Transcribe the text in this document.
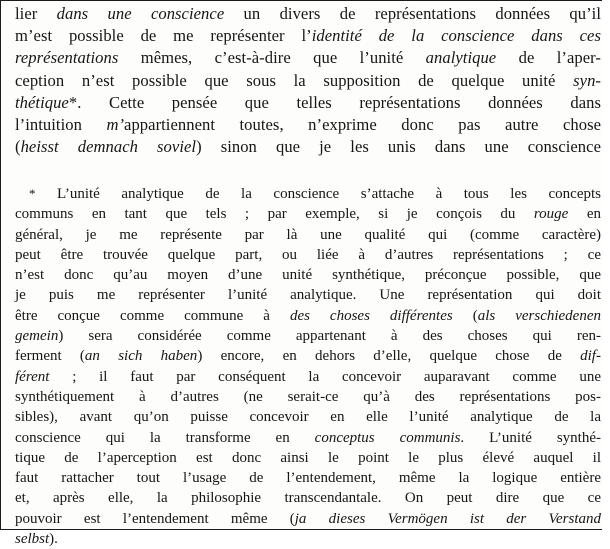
lier dans une conscience un divers de représentations données qu’il
m’est possible de me représenter l’identité de la conscience dans ces
représentations mêmes, c’est-à-dire que l’unité analytique de l’aper-
ception n’est possible que sous la supposition de quelque unité syn-
thétique*. Cette pensée que telles représentations données dans
l’intuition m’appartiennent toutes, n’exprime donc pas autre chose
(heisst demnach soviel) sinon que je les unis dans une conscience
* L’unité analytique de la conscience s’attache à tous les concepts
communs en tant que tels ; par exemple, si je conçois du rouge en
général, je me représente par là une qualité qui (comme caractère)
peut être trouvée quelque part, ou liée à d’autres représentations ; ce
n’est donc qu’au moyen d’une unité synthétique, préconçue possible, que
je puis me représenter l’unité analytique. Une représentation qui doit
être conçue comme commune à des choses différentes (als verschiedenen
gemein) sera considérée comme appartenant à des choses qui ren-
ferment (an sich haben) encore, en dehors d’elle, quelque chose de dif-
férent ; il faut par conséquent la concevoir auparavant comme une
synthétiquement à d’autres (ne serait-ce qu’à des représentations pos-
sibles), avant qu’on puisse concevoir en elle l’unité analytique de la
conscience qui la transforme en conceptus communis. L’unité synthé-
tique de l’aperception est donc ainsi le point le plus élevé auquel il
faut rattacher tout l’usage de l’entendement, même la logique entière
et, après elle, la philosophie transcendantale. On peut dire que ce
pouvoir est l’entendement même (ja dieses Vermögen ist der Verstand
selbst).
